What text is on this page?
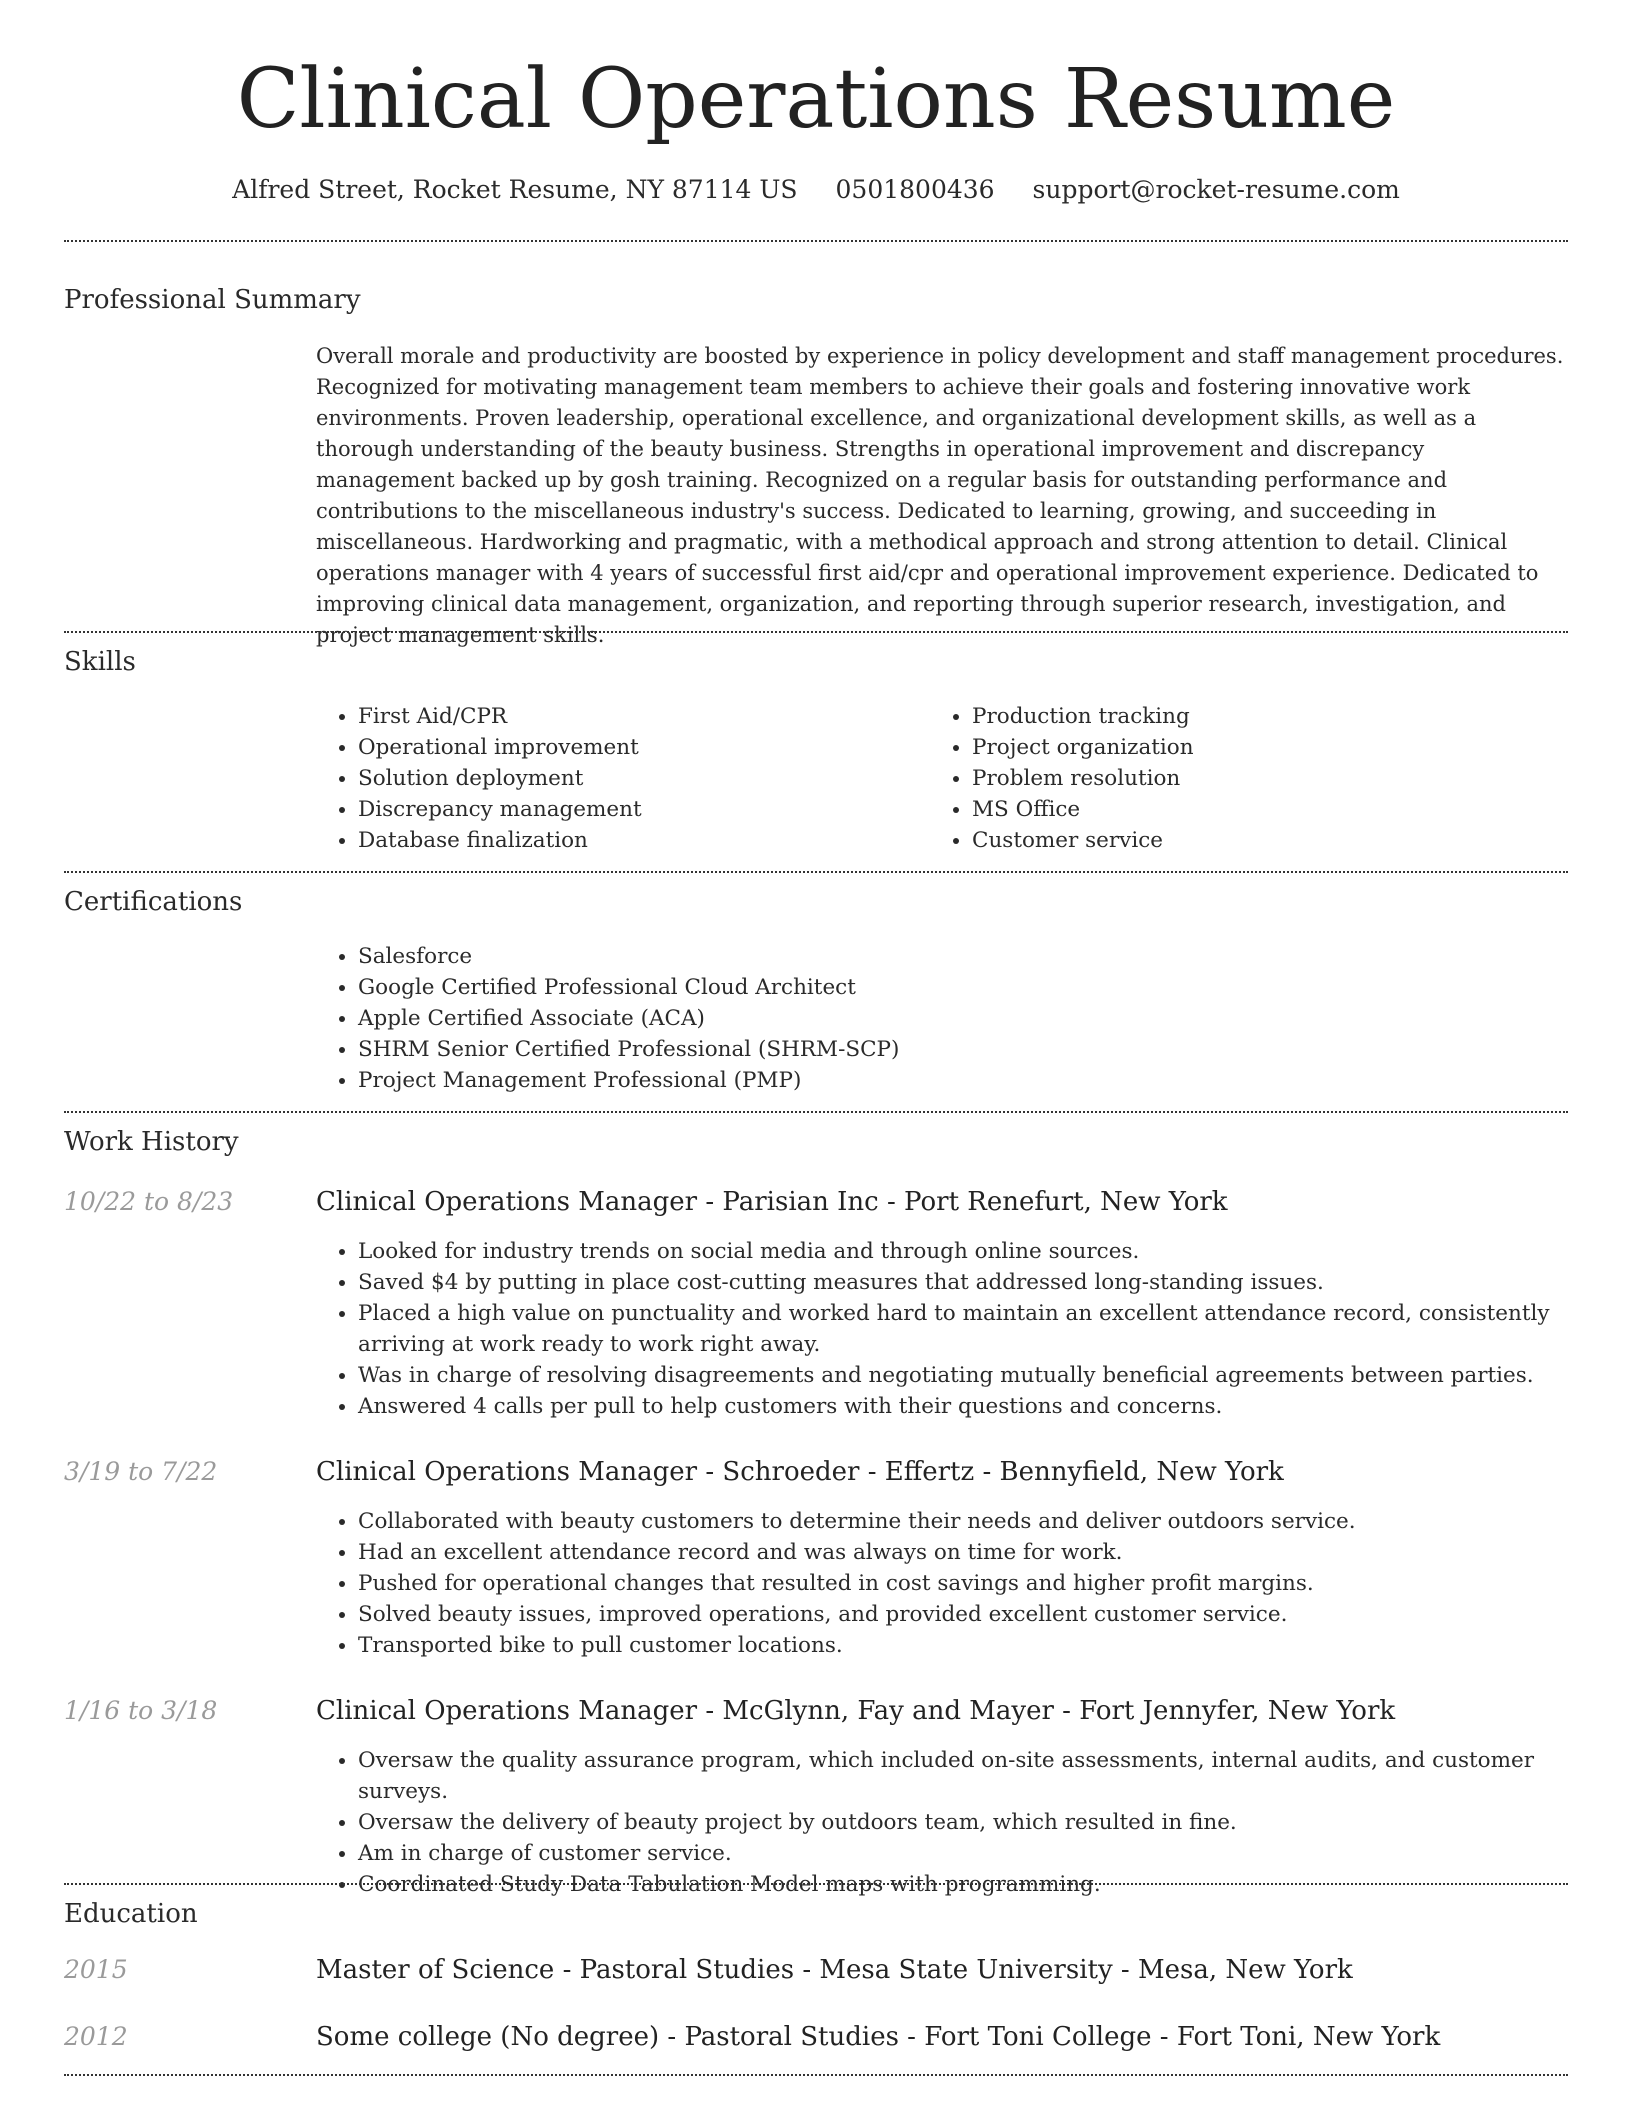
Clinical Operations Resume
Alfred Street, Rocket Resume, NY 87114 US 0501800436 support@rocket-resume.com
Professional Summary

Overall morale and productivity are boosted by experience in policy development and staff management procedures. Recognized for motivating management team members to achieve their goals and fostering innovative work environments. Proven leadership, operational excellence, and organizational development skills, as well as a thorough understanding of the beauty business. Strengths in operational improvement and discrepancy management backed up by gosh training. Recognized on a regular basis for outstanding performance and contributions to the miscellaneous industry's success. Dedicated to learning, growing, and succeeding in miscellaneous. Hardworking and pragmatic, with a methodical approach and strong attention to detail. Clinical operations manager with 4 years of successful first aid/cpr and operational improvement experience. Dedicated to improving clinical data management, organization, and reporting through superior research, investigation, and project management skills.

Skills
• First Aid/CPR
• Operational improvement
• Solution deployment
• Discrepancy management
• Database finalization
• Production tracking
• Project organization
• Problem resolution
• MS Office
• Customer service
Certifications
• Salesforce
• Google Certified Professional Cloud Architect
• Apple Certified Associate (ACA)
• SHRM Senior Certified Professional (SHRM-SCP)
• Project Management Professional (PMP)
Work History
10/22 to 8/23	Clinical Operations Manager - Parisian Inc - Port Renefurt, New York
• Looked for industry trends on social media and through online sources.
• Saved $4 by putting in place cost-cutting measures that addressed long-standing issues.
• Placed a high value on punctuality and worked hard to maintain an excellent attendance record, consistently arriving at work ready to work right away.
• Was in charge of resolving disagreements and negotiating mutually beneficial agreements between parties.
• Answered 4 calls per pull to help customers with their questions and concerns.
3/19 to 7/22	Clinical Operations Manager - Schroeder - Effertz - Bennyfield, New York
• Collaborated with beauty customers to determine their needs and deliver outdoors service.
• Had an excellent attendance record and was always on time for work.
• Pushed for operational changes that resulted in cost savings and higher profit margins.
• Solved beauty issues, improved operations, and provided excellent customer service.
• Transported bike to pull customer locations.
1/16 to 3/18	Clinical Operations Manager - McGlynn, Fay and Mayer - Fort Jennyfer, New York
• Oversaw the quality assurance program, which included on-site assessments, internal audits, and customer surveys.
• Oversaw the delivery of beauty project by outdoors team, which resulted in fine.
• Am in charge of customer service.
• Coordinated Study Data Tabulation Model maps with programming.
Education
2015	Master of Science - Pastoral Studies - Mesa State University - Mesa, New York
2012	Some college (No degree) - Pastoral Studies - Fort Toni College - Fort Toni, New York
